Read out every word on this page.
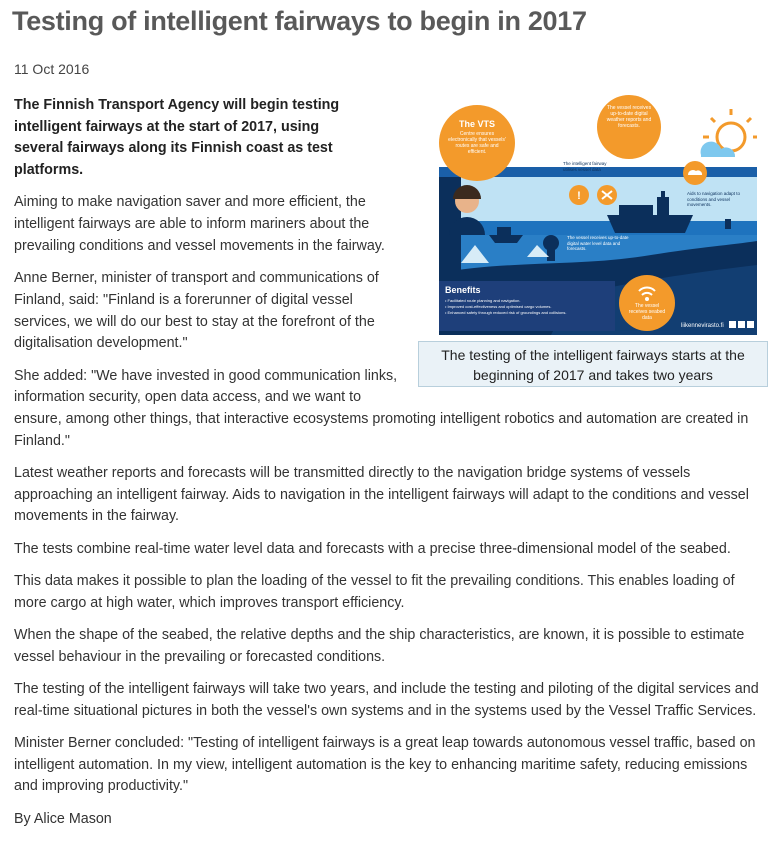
Testing of intelligent fairways to begin in 2017
11 Oct 2016
The VTS
Centre ensures electronically that vessels' routes are safe and efficient.
The vessel receives up-to-date digital weather reports and forecasts.
The intelligent fairway utilises vessel data
Aids to navigation adapt to conditions and vessel movements.
The vessel receives up-to-date digital water level data and forecasts.
!
Benefits
• Facilitated route planning and navigation.
• Improved cost-effectiveness and optimised cargo volumes.
• Enhanced safety through reduced risk of groundings and collisions.
The vessel receives seabed data
liikennevirasto.fi
The testing of the intelligent fairways starts at the beginning of 2017 and takes two years

The Finnish Transport Agency will begin testing intelligent fairways at the start of 2017, using several fairways along its Finnish coast as test platforms.

Aiming to make navigation saver and more efficient, the intelligent fairways are able to inform mariners about the prevailing conditions and vessel movements in the fairway.

Anne Berner, minister of transport and communications of Finland, said: "Finland is a forerunner of digital vessel services, we will do our best to stay at the forefront of the digitalisation development."

She added: "We have invested in good communication links, information security, open data access, and we want to ensure, among other things, that interactive ecosystems promoting intelligent robotics and automation are created in Finland."

Latest weather reports and forecasts will be transmitted directly to the navigation bridge systems of vessels approaching an intelligent fairway. Aids to navigation in the intelligent fairways will adapt to the conditions and vessel movements in the fairway.

The tests combine real-time water level data and forecasts with a precise three-dimensional model of the seabed.

This data makes it possible to plan the loading of the vessel to fit the prevailing conditions. This enables loading of more cargo at high water, which improves transport efficiency.

When the shape of the seabed, the relative depths and the ship characteristics, are known, it is possible to estimate vessel behaviour in the prevailing or forecasted conditions.

The testing of the intelligent fairways will take two years, and include the testing and piloting of the digital services and real-time situational pictures in both the vessel's own systems and in the systems used by the Vessel Traffic Services.

Minister Berner concluded: "Testing of intelligent fairways is a great leap towards autonomous vessel traffic, based on intelligent automation. In my view, intelligent automation is the key to enhancing maritime safety, reducing emissions and improving productivity."

By Alice Mason
